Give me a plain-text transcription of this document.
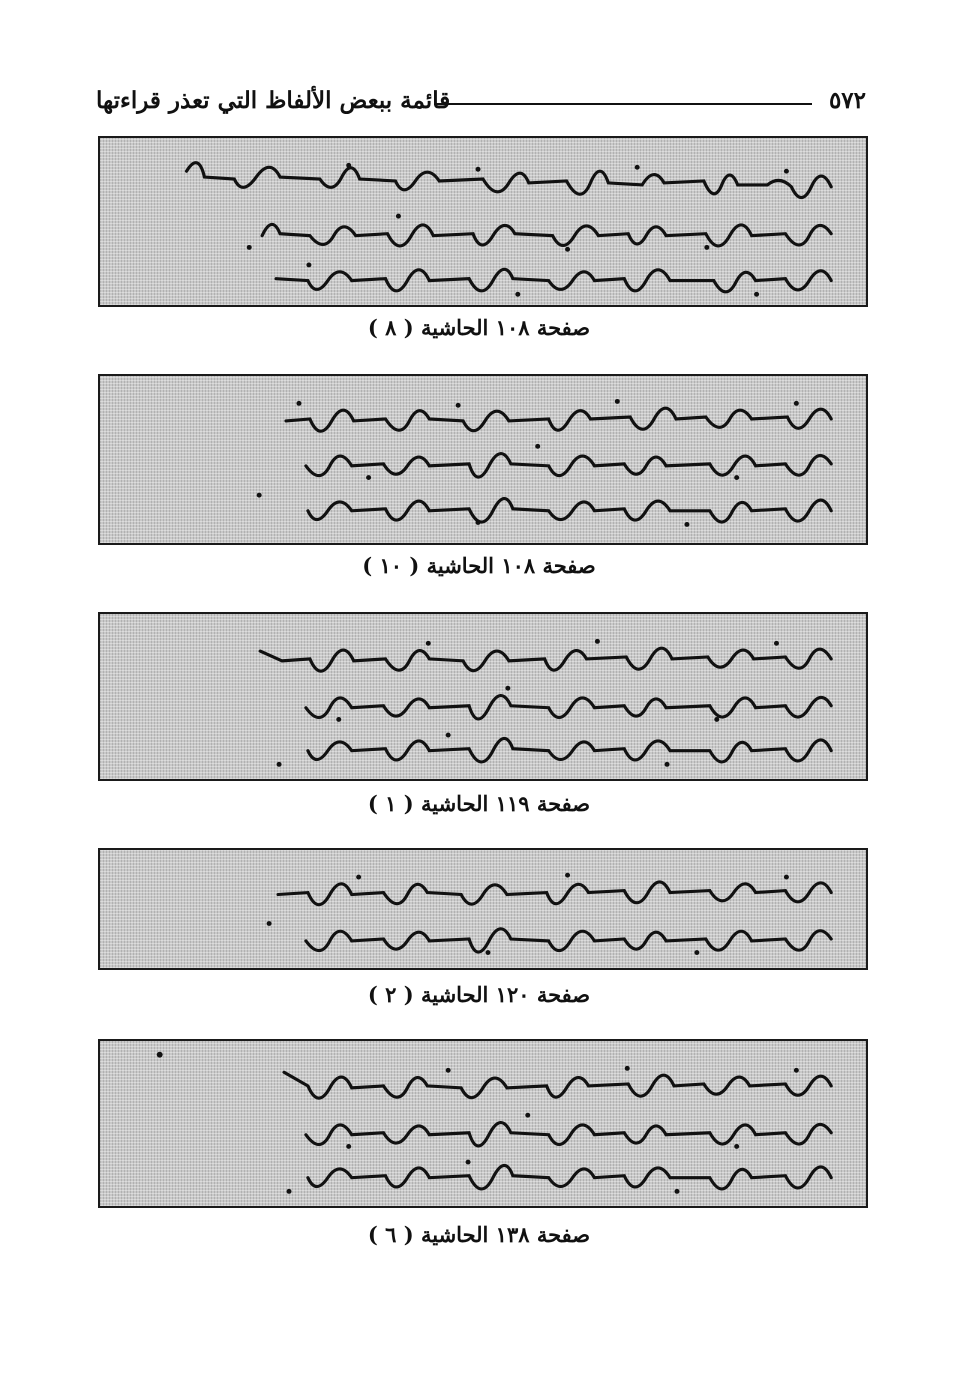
٥٧٢
قائمة ببعض الألفاظ التي تعذر قراءتها
صفحة ١٠٨ الحاشية ( ٨ )
صفحة ١٠٨ الحاشية ( ١٠ )
صفحة ١١٩ الحاشية ( ١ )
صفحة ١٢٠ الحاشية ( ٢ )
صفحة ١٣٨ الحاشية ( ٦ )
